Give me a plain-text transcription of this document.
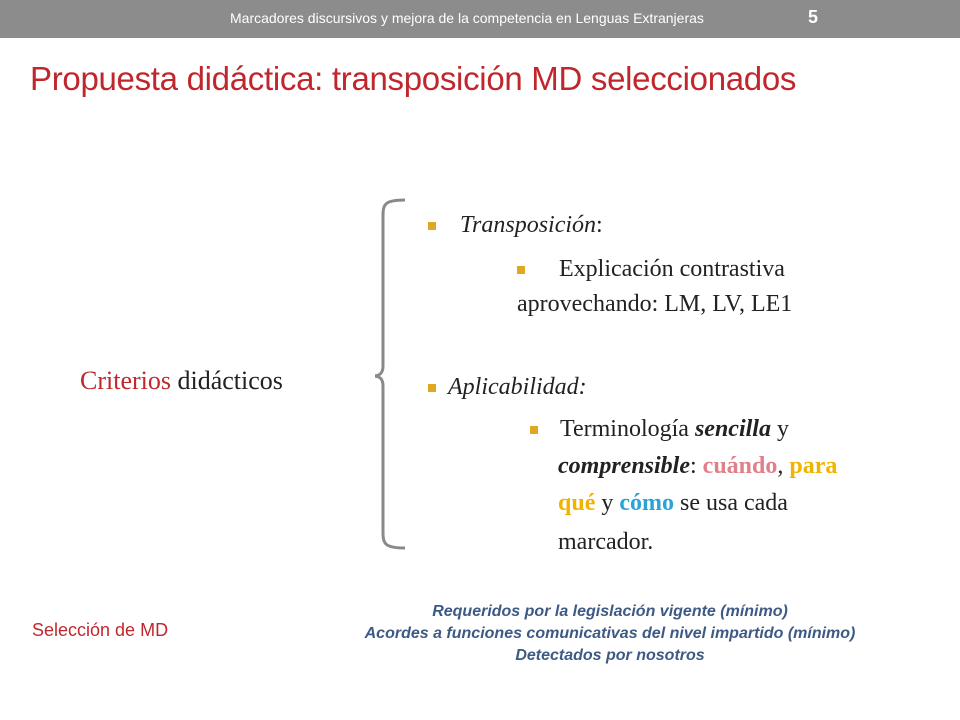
Marcadores discursivos y mejora de la competencia en Lenguas Extranjeras	5
Propuesta didáctica: transposición MD seleccionados
Criterios didácticos
Transposición:
Explicación contrastiva
aprovechando: LM, LV, LE1
Aplicabilidad:
Terminología sencilla y
comprensible: cuándo, para
qué y cómo se usa cada
marcador.
Selección de MD
Requeridos por la legislación vigente (mínimo)
Acordes a funciones comunicativas del nivel impartido (mínimo)
Detectados por nosotros
